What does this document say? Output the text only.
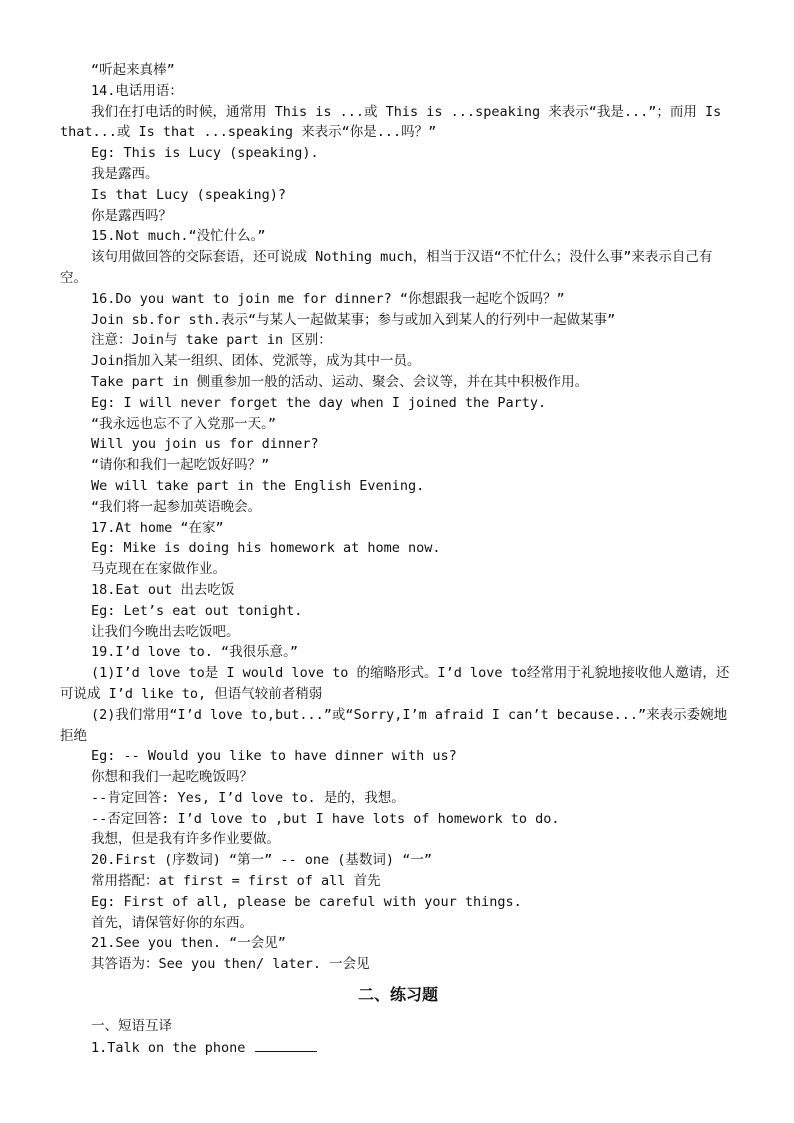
“听起来真棒”
14.电话用语：
我们在打电话的时候，通常用 This is ...或 This is ...speaking 来表示“我是...”；而用 Is that...或 Is that ...speaking 来表示“你是...吗？”
Eg: This is Lucy (speaking).
我是露西。
Is that Lucy (speaking)?
你是露西吗？
15.Not much.“没忙什么。”
该句用做回答的交际套语，还可说成 Nothing much，相当于汉语“不忙什么；没什么事”来表示自己有空。
16.Do you want to join me for dinner? “你想跟我一起吃个饭吗？”
Join sb.for sth.表示“与某人一起做某事；参与或加入到某人的行列中一起做某事”
注意：Join与 take part in 区别：
Join指加入某一组织、团体、党派等，成为其中一员。
Take part in 侧重参加一般的活动、运动、聚会、会议等，并在其中积极作用。
Eg: I will never forget the day when I joined the Party.
“我永远也忘不了入党那一天。”
Will you join us for dinner?
“请你和我们一起吃饭好吗？”
We will take part in the English Evening.
“我们将一起参加英语晚会。
17.At home “在家”
Eg: Mike is doing his homework at home now.
马克现在在家做作业。
18.Eat out 出去吃饭
Eg: Let’s eat out tonight.
让我们今晚出去吃饭吧。
19.I’d love to. “我很乐意。”
(1)I’d love to是 I would love to 的缩略形式。I’d love to经常用于礼貌地接收他人邀请，还可说成 I’d like to, 但语气较前者稍弱
(2)我们常用“I’d love to,but...”或“Sorry,I’m afraid I can’t because...”来表示委婉地拒绝
Eg: -- Would you like to have dinner with us?
你想和我们一起吃晚饭吗？
--肯定回答: Yes, I’d love to. 是的，我想。
--否定回答: I’d love to ,but I have lots of homework to do.
我想，但是我有许多作业要做。
20.First (序数词) “第一” -- one (基数词) “一”
常用搭配：at first = first of all 首先
Eg: First of all, please be careful with your things.
首先，请保管好你的东西。
21.See you then. “一会见”
其答语为：See you then/ later. 一会见
二、练习题
一、短语互译
1.Talk on the phone
